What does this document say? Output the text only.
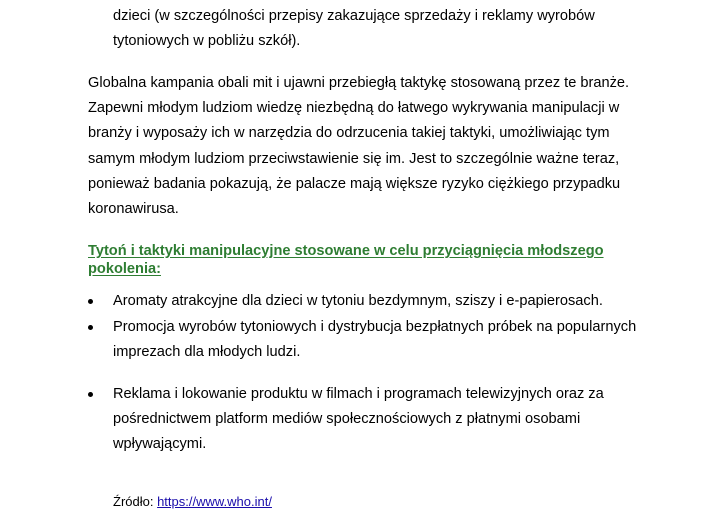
dzieci (w szczególności przepisy zakazujące sprzedaży i reklamy wyrobów
tytoniowych w pobliżu szkół).
Globalna kampania obali mit i ujawni przebiegłą taktykę stosowaną przez te branże.
Zapewni młodym ludziom wiedzę niezbędną do łatwego wykrywania manipulacji w
branży i wyposaży ich w narzędzia do odrzucenia takiej taktyki, umożliwiając tym
samym młodym ludziom przeciwstawienie się im. Jest to szczególnie ważne teraz,
ponieważ badania pokazują, że palacze mają większe ryzyko ciężkiego przypadku
koronawirusa.
Tytoń i taktyki manipulacyjne stosowane w celu przyciągnięcia młodszego
pokolenia:
Aromaty atrakcyjne dla dzieci w tytoniu bezdymnym, sziszy i e-papierosach.
Promocja wyrobów tytoniowych i dystrybucja bezpłatnych próbek na popularnych
imprezach dla młodych ludzi.
Reklama i lokowanie produktu w filmach i programach telewizyjnych oraz za
pośrednictwem platform mediów społecznościowych z płatnymi osobami
wpływającymi.
Źródło: https://www.who.int/
